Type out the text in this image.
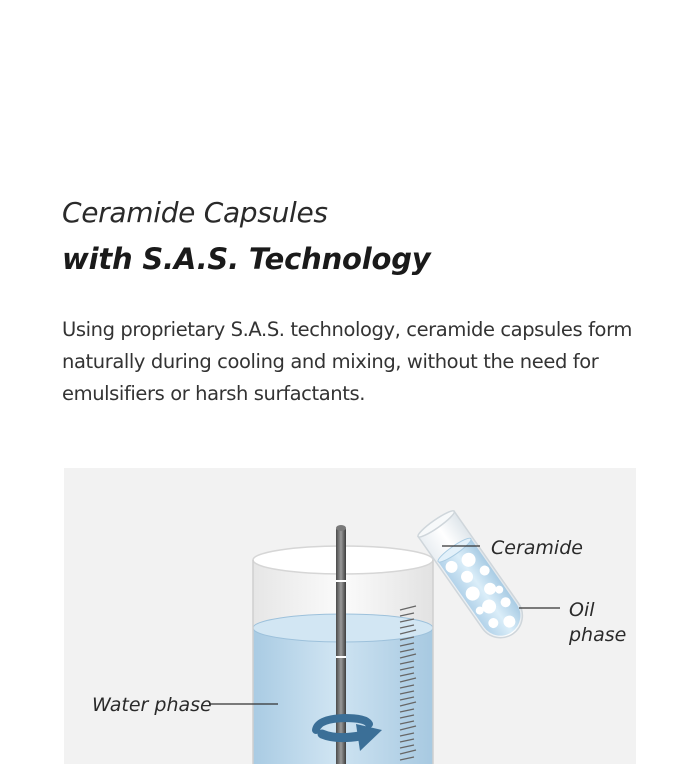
Ceramide Capsules
with S.A.S. Technology

Using proprietary S.A.S. technology, ceramide capsules form naturally during cooling and mixing, without the need for emulsifiers or harsh surfactants.

Ceramide
Oil
phase
Water phase
